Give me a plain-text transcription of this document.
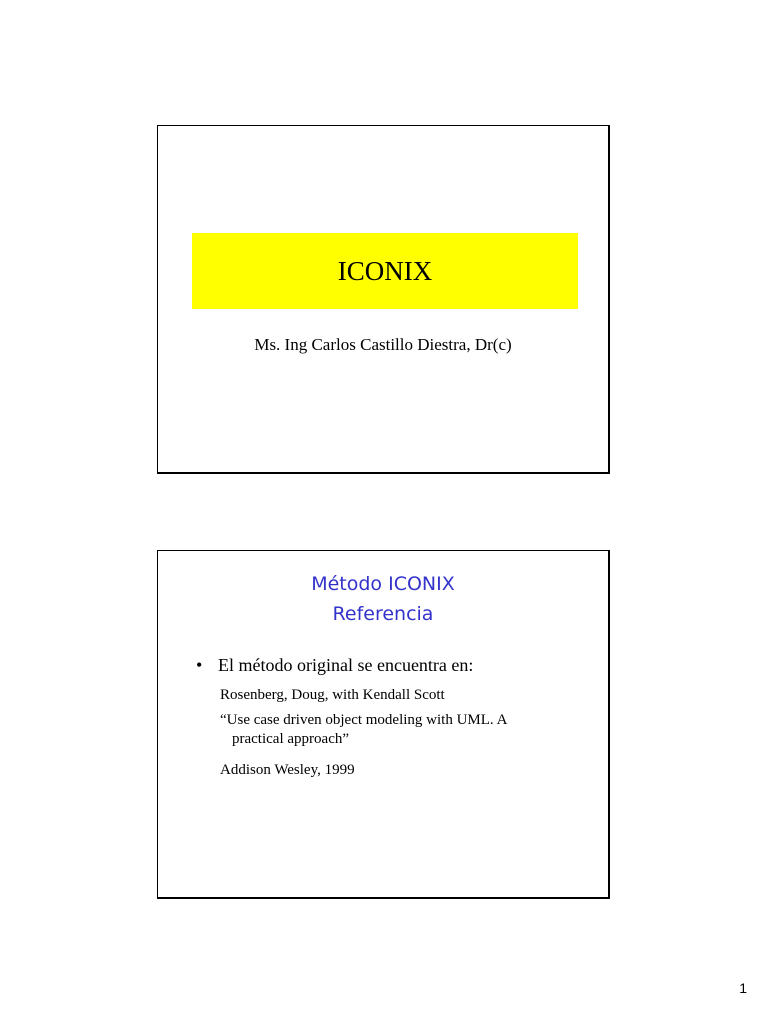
ICONIX
Ms. Ing Carlos Castillo Diestra, Dr(c)
Método ICONIX
Referencia
• El método original se encuentra en:
Rosenberg, Doug, with Kendall Scott
“Use case driven object modeling with UML. A
practical approach”
Addison Wesley, 1999
1
